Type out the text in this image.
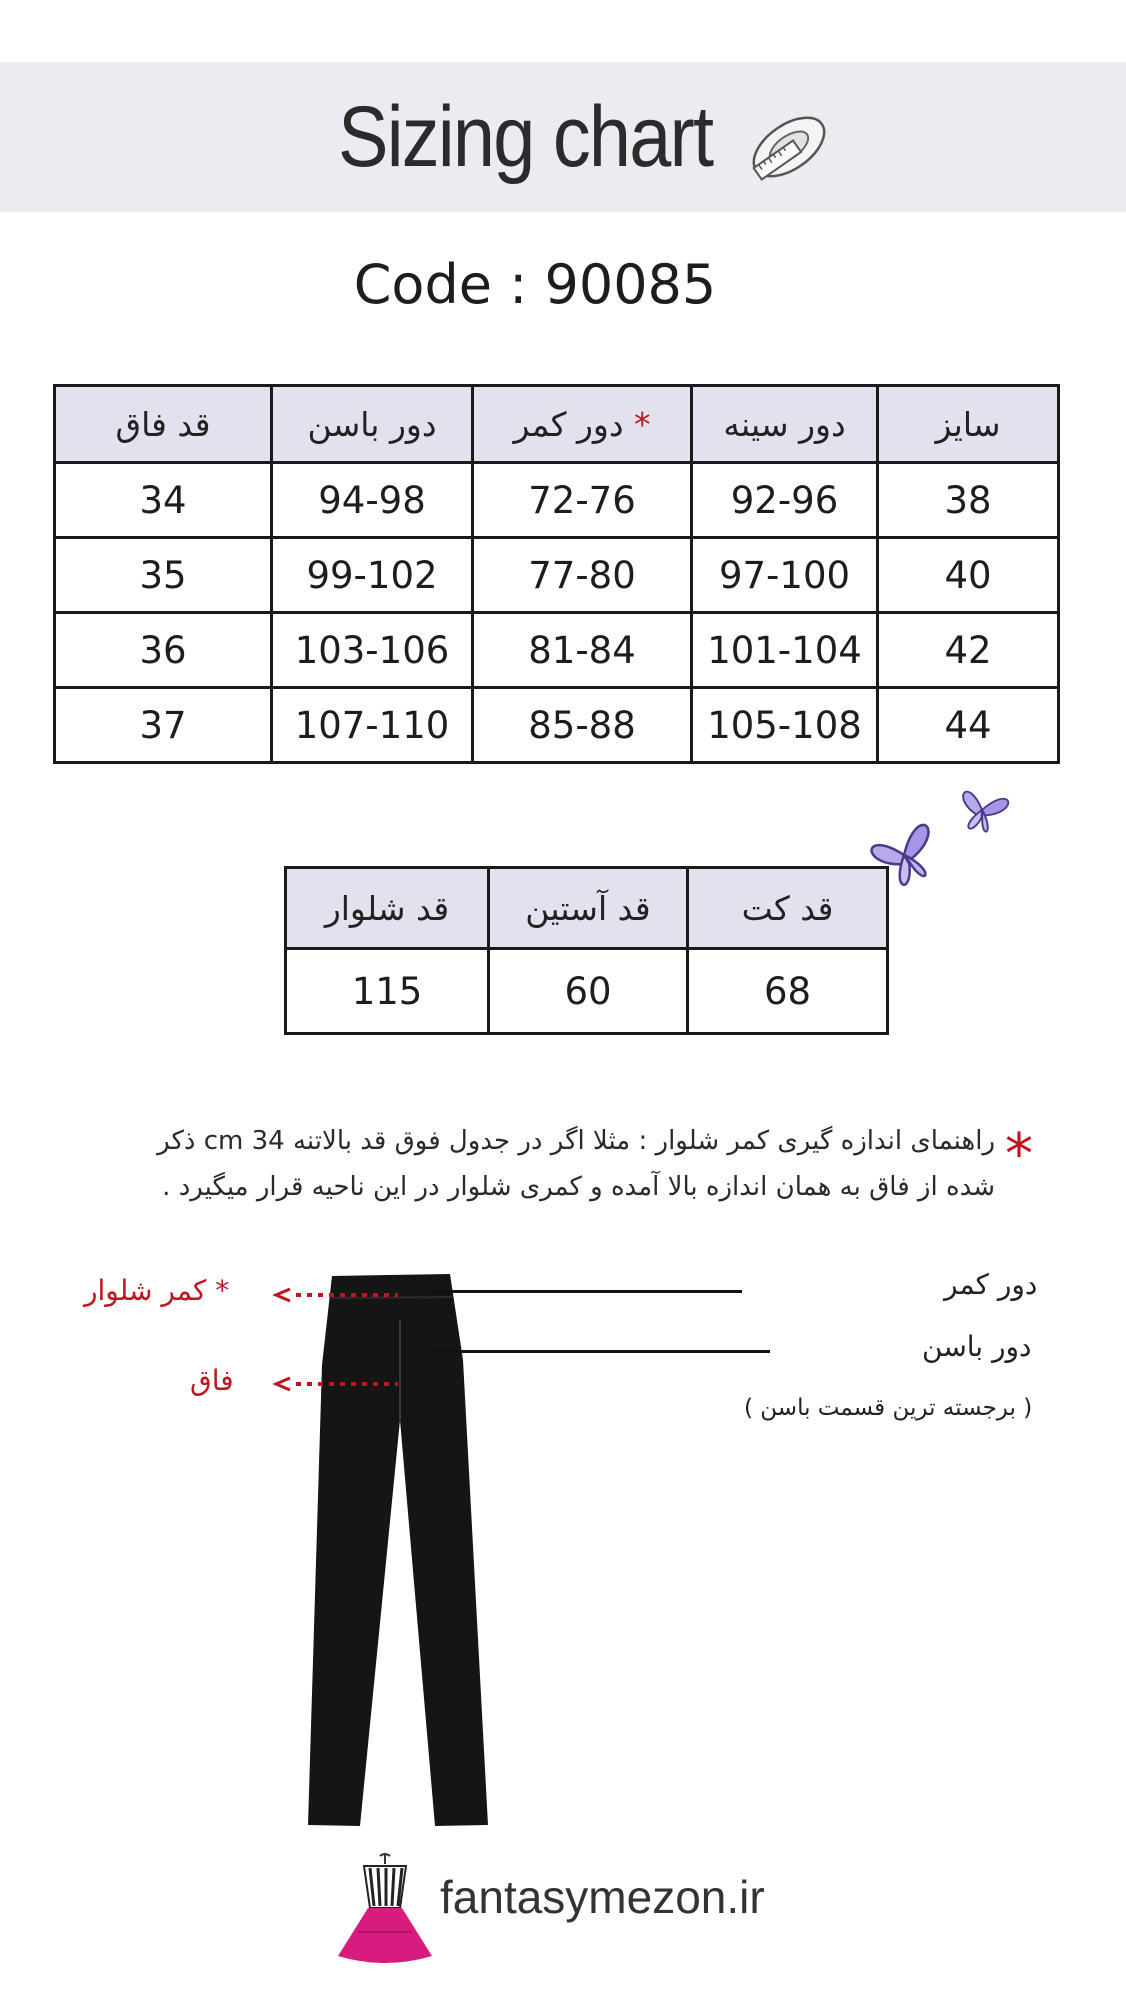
Sizing chart
Code : 90085
قد فاق	دور باسن	دور کمر *	دور سینه	سایز
34	94-98	72-76	92-96	38
35	99-102	77-80	97-100	40
36	103-106	81-84	101-104	42
37	107-110	85-88	105-108	44
قد شلوار	قد آستین	قد کت
115	60	68
*
راهنمای اندازه گیری کمر شلوار : مثلا اگر در جدول فوق قد بالاتنه 34 cm ذکر
شده از فاق به همان اندازه بالا آمده و کمری شلوار در این ناحیه قرار میگیرد .
* کمر شلوار
فاق
دور کمر
دور باسن
( برجسته ترین قسمت باسن )
fantasymezon.ir
